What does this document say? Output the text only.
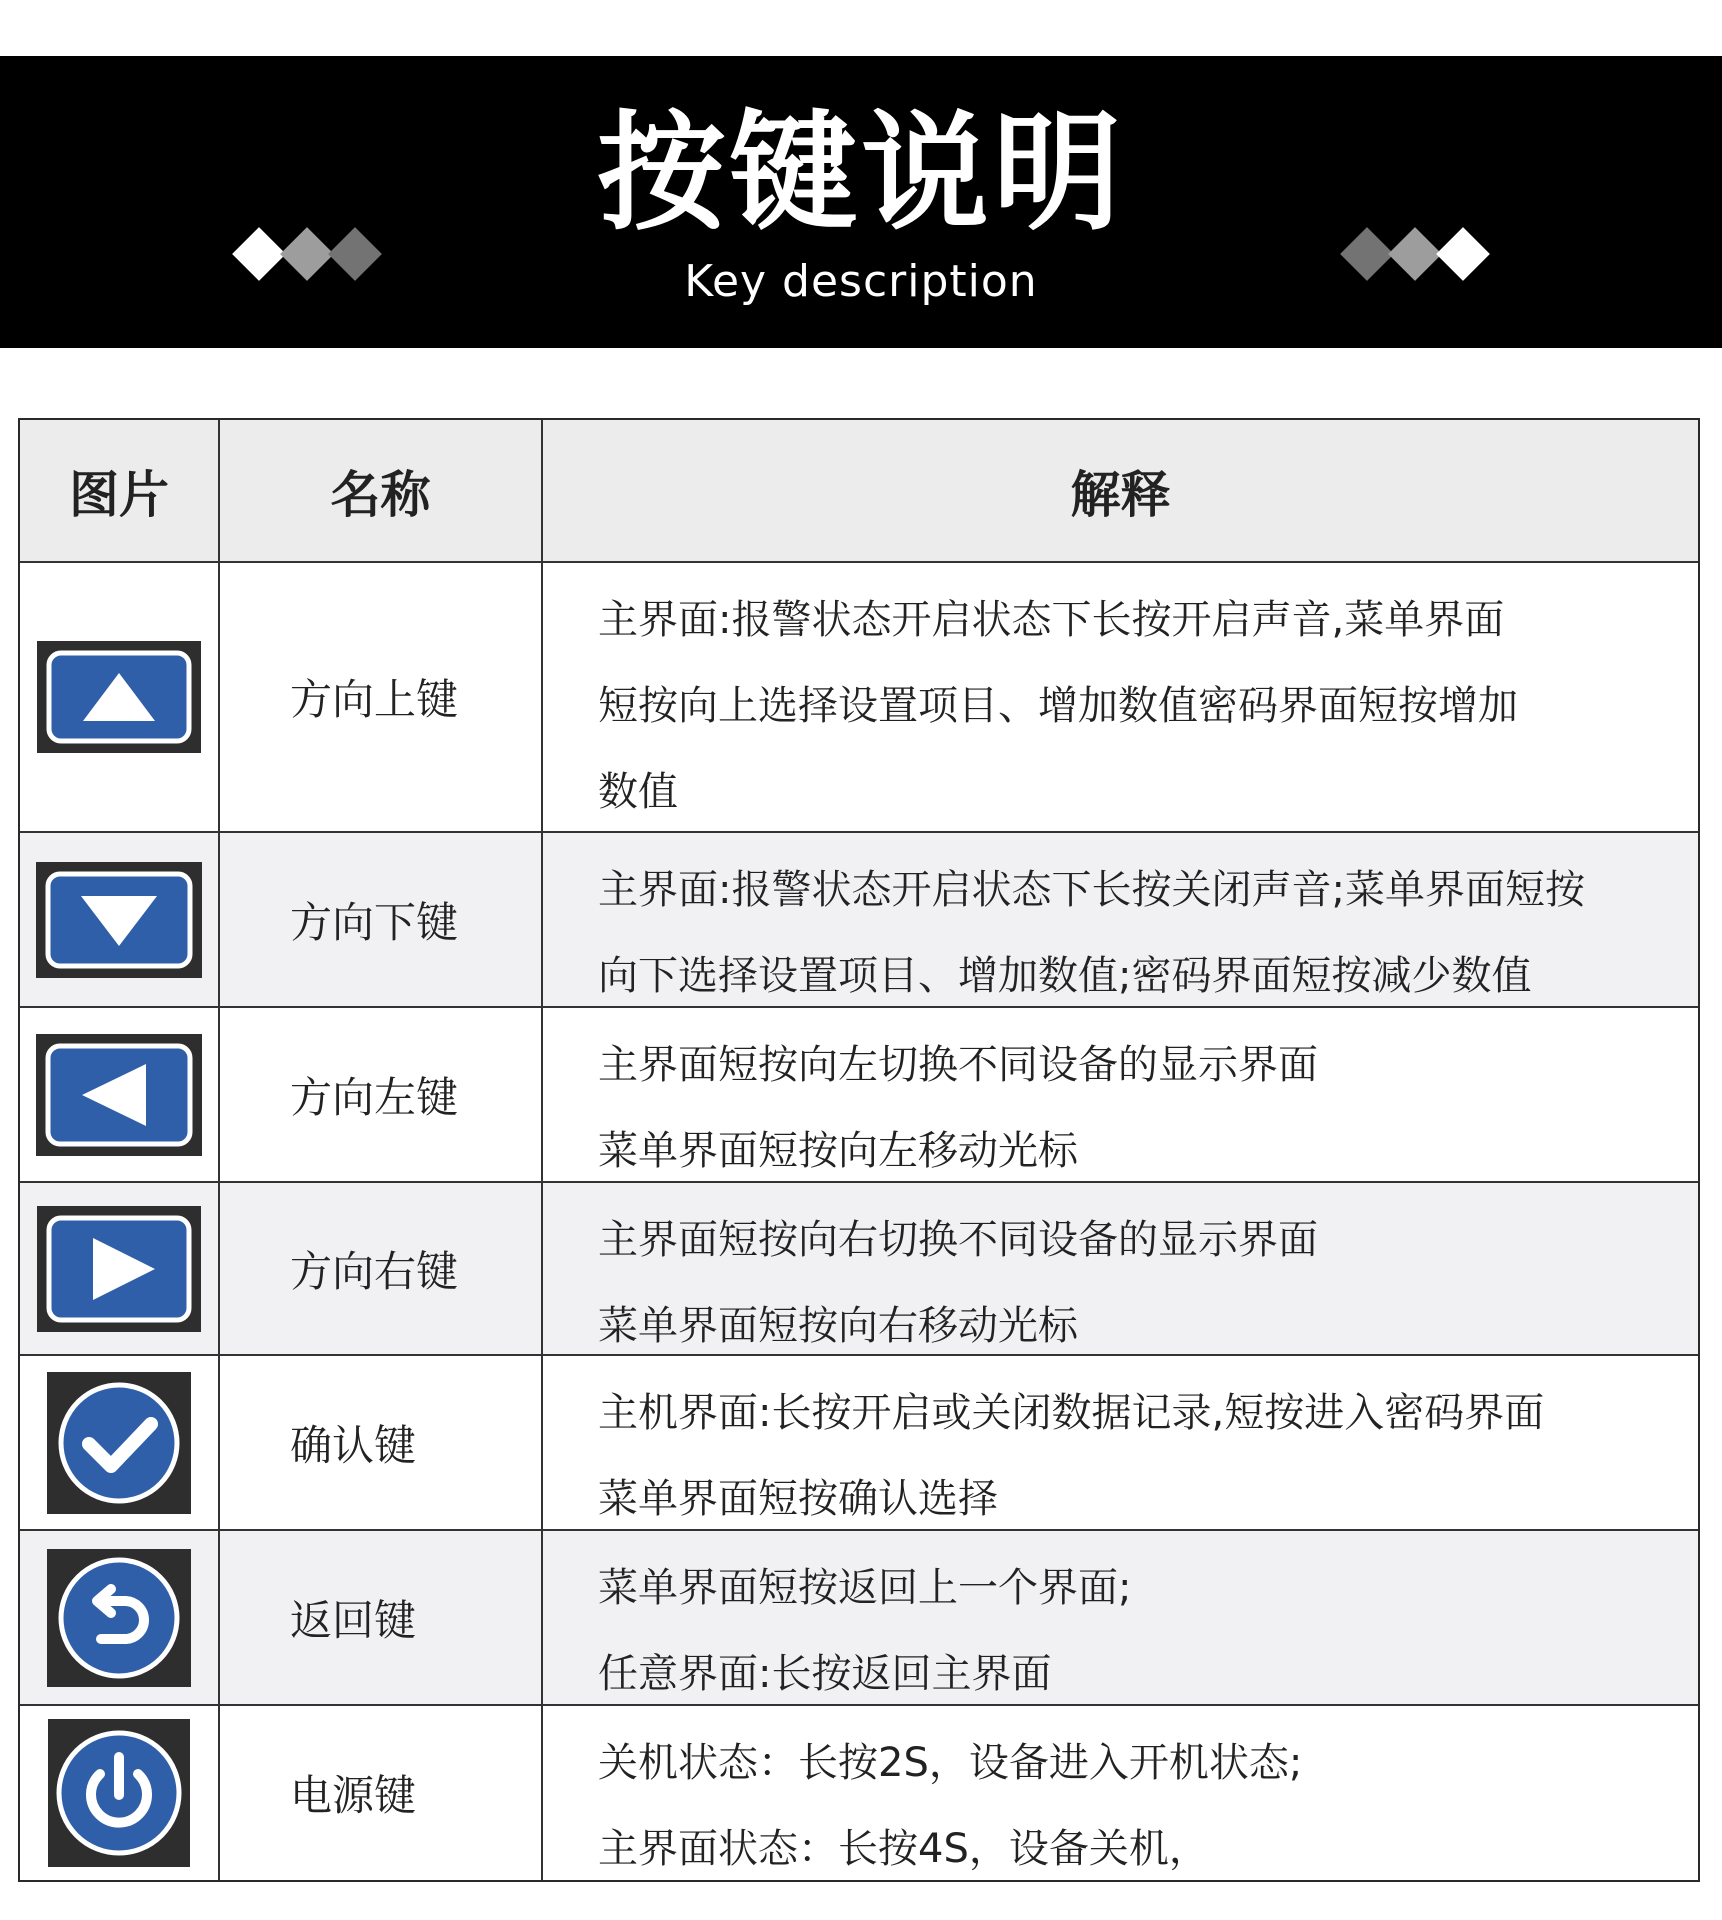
按键说明
Key description
图片	名称	解释
方向上键
主界面:报警状态开启状态下长按开启声音,菜单界面
短按向上选择设置项目、增加数值密码界面短按增加
数值
方向下键
主界面:报警状态开启状态下长按关闭声音;菜单界面短按
向下选择设置项目、增加数值;密码界面短按减少数值
方向左键
主界面短按向左切换不同设备的显示界面
菜单界面短按向左移动光标
方向右键
主界面短按向右切换不同设备的显示界面
菜单界面短按向右移动光标
确认键
主机界面:长按开启或关闭数据记录,短按进入密码界面
菜单界面短按确认选择
返回键
菜单界面短按返回上一个界面;
任意界面:长按返回主界面
电源键
关机状态：长按2S，设备进入开机状态;
主界面状态：长按4S，设备关机，
